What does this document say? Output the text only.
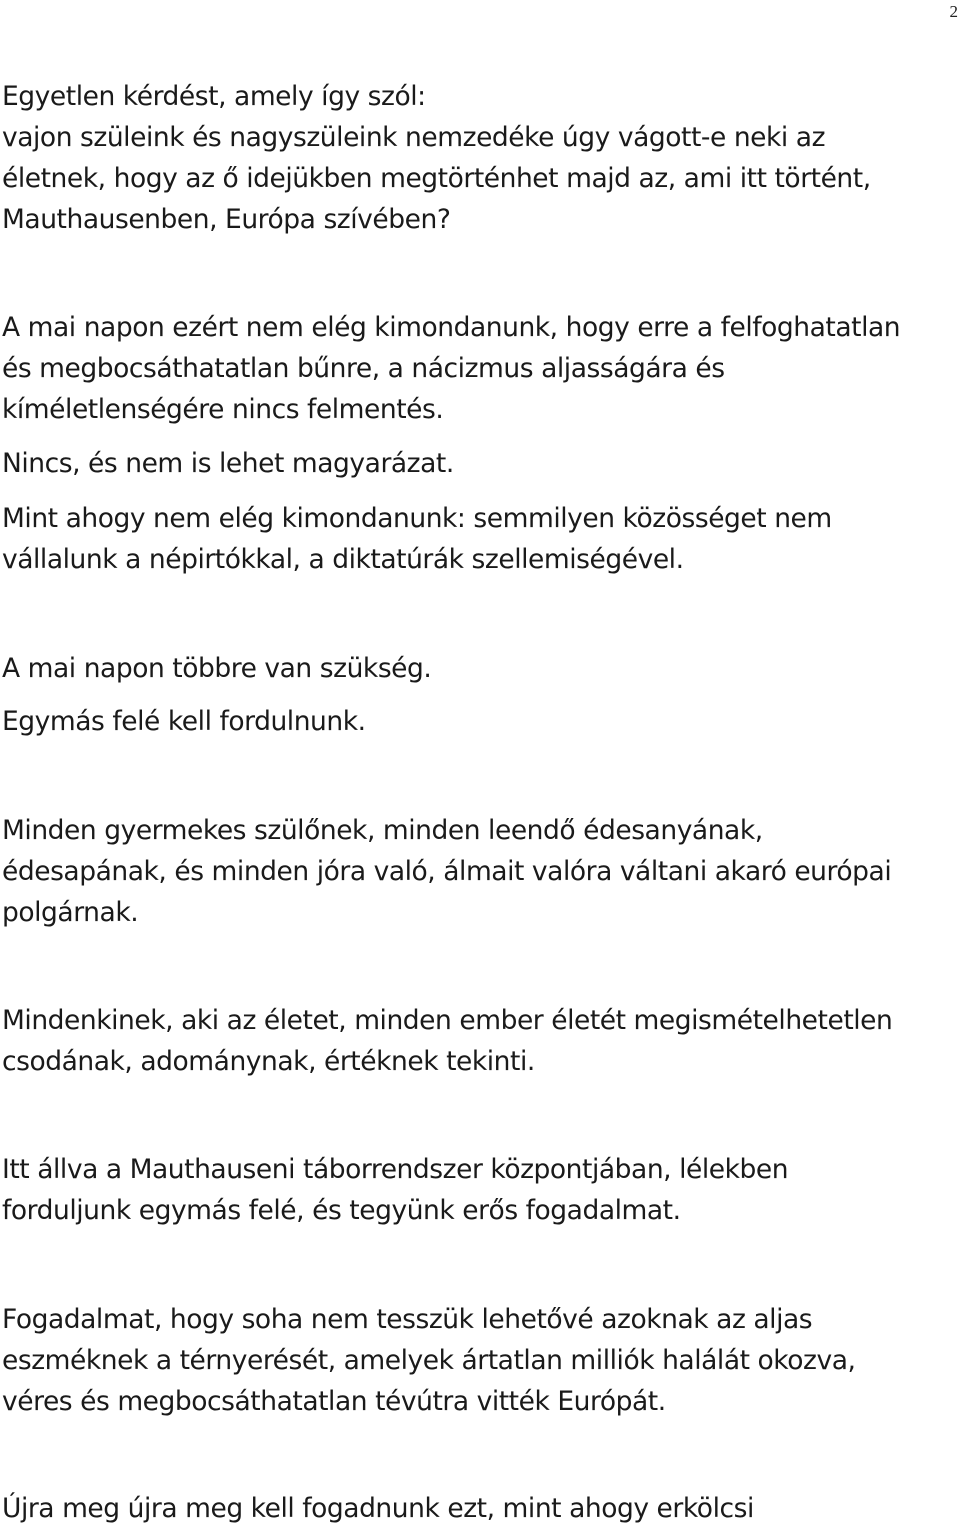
2
Egyetlen kérdést, amely így szól:
vajon szüleink és nagyszüleink nemzedéke úgy vágott-e neki az
életnek, hogy az ő idejükben megtörténhet majd az, ami itt történt,
Mauthausenben, Európa szívében?
A mai napon ezért nem elég kimondanunk, hogy erre a felfoghatatlan
és megbocsáthatatlan bűnre, a nácizmus aljasságára és
kíméletlenségére nincs felmentés.
Nincs, és nem is lehet magyarázat.
Mint ahogy nem elég kimondanunk: semmilyen közösséget nem
vállalunk a népirtókkal, a diktatúrák szellemiségével.
A mai napon többre van szükség.
Egymás felé kell fordulnunk.
Minden gyermekes szülőnek, minden leendő édesanyának,
édesapának, és minden jóra való, álmait valóra váltani akaró európai
polgárnak.
Mindenkinek, aki az életet, minden ember életét megismételhetetlen
csodának, adománynak, értéknek tekinti.
Itt állva a Mauthauseni táborrendszer központjában, lélekben
forduljunk egymás felé, és tegyünk erős fogadalmat.
Fogadalmat, hogy soha nem tesszük lehetővé azoknak az aljas
eszméknek a térnyerését, amelyek ártatlan milliók halálát okozva,
véres és megbocsáthatatlan tévútra vitték Európát.
Újra meg újra meg kell fogadnunk ezt, mint ahogy erkölcsi
